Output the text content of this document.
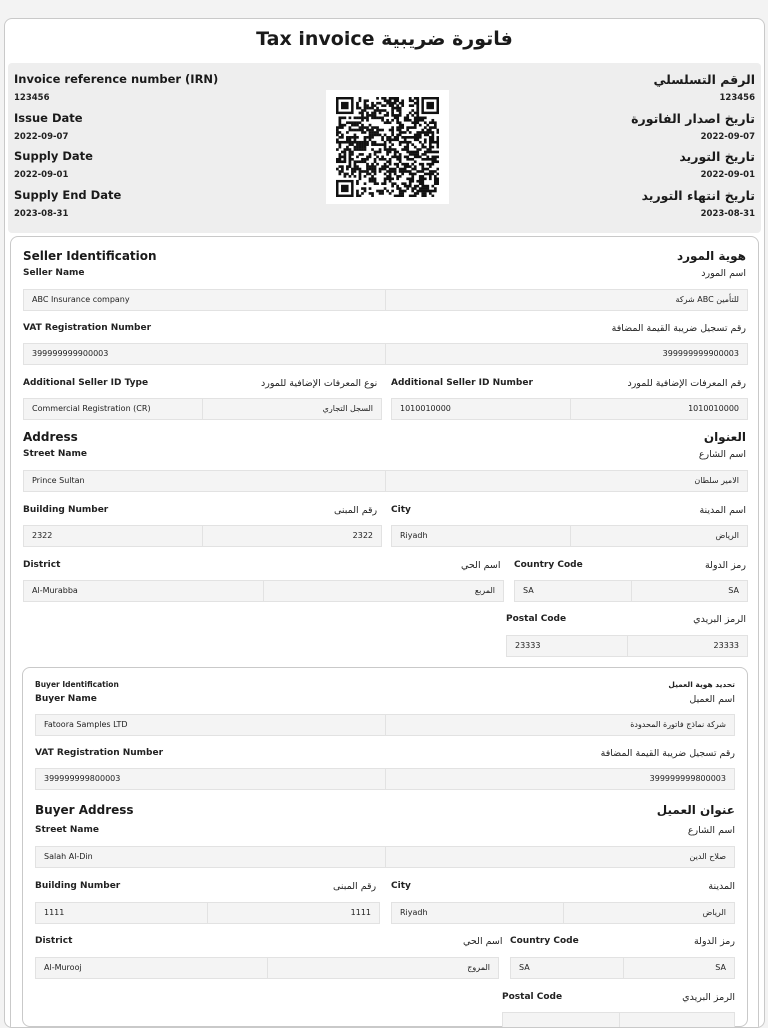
Tax invoice فاتورة ضريبية
Invoice reference number (IRN)
123456
Issue Date
2022-09-07
Supply Date
2022-09-01
Supply End Date
2023-08-31
الرقم التسلسلي
123456
تاريخ اصدار الفاتورة
2022-09-07
تاريخ التوريد
2022-09-01
تاريخ انتهاء التوريد
2023-08-31
Seller Identification	هوية المورد
Seller Name	اسم المورد
ABC Insurance company	شركة ABC للتأمين
VAT Registration Number	رقم تسجيل ضريبة القيمة المضافة
399999999900003	399999999900003
Additional Seller ID Type	نوع المعرفات الإضافية للمورد Additional Seller ID Number	رقم المعرفات الإضافية للمورد
Commercial Registration (CR)	السجل التجاري	1010010000	1010010000
Address	العنوان
Street Name	اسم الشارع
Prince Sultan	الامير سلطان
Building Number	رقم المبنى City	اسم المدينة
2322	2322	Riyadh	الرياض
District	اسم الحي Country Code	رمز الدولة
Al-Murabba	المربع	SA	SA
Postal Code	الرمز البريدي
23333	23333
Buyer Identification	تحديد هوية العميل
Buyer Name	اسم العميل
Fatoora Samples LTD	شركة نماذج فاتورة المحدودة
VAT Registration Number	رقم تسجيل ضريبة القيمة المضافة
399999999800003	399999999800003
Buyer Address	عنوان العميل
Street Name	اسم الشارع
Salah Al-Din	صلاح الدين
Building Number	رقم المبنى City	المدينة
1111	1111	Riyadh	الرياض
District	اسم الحي Country Code	رمز الدولة
Al-Murooj	المروج	SA	SA
Postal Code	الرمز البريدي
